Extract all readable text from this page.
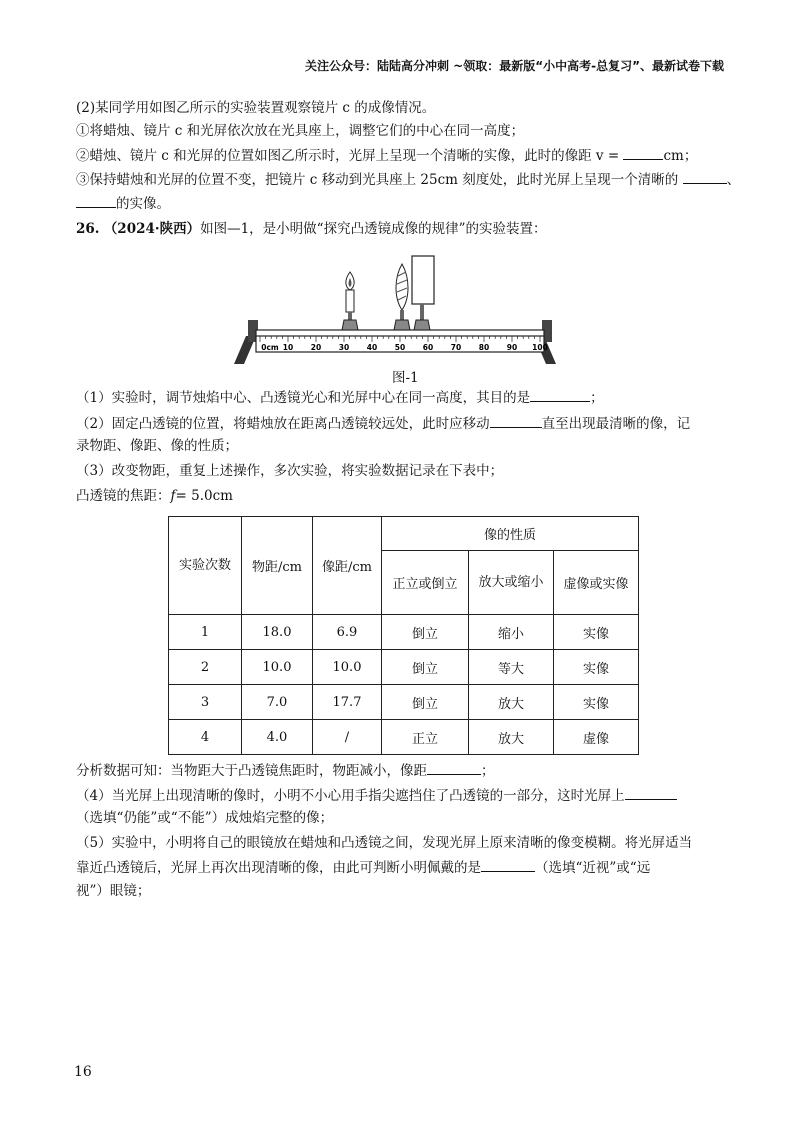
关注公众号：陆陆高分冲刺 ~领取：最新版“小中高考-总复习”、最新试卷下载
(2)某同学用如图乙所示的实验装置观察镜片 c 的成像情况。
①将蜡烛、镜片 c 和光屏依次放在光具座上，调整它们的中心在同一高度；
②蜡烛、镜片 c 和光屏的位置如图乙所示时，光屏上呈现一个清晰的实像，此时的像距 v =	cm；
③保持蜡烛和光屏的位置不变，把镜片 c 移动到光具座上 25cm 刻度处，此时光屏上呈现一个清晰的	、
的实像。
26. （2024·陕西）如图—1，是小明做“探究凸透镜成像的规律”的实验装置：
0cm 10 20 30 40 50 60 70 80 90 100
图-1
（1）实验时，调节烛焰中心、凸透镜光心和光屏中心在同一高度，其目的是	；
（2）固定凸透镜的位置，将蜡烛放在距离凸透镜较远处，此时应移动	直至出现最清晰的像，记
录物距、像距、像的性质；
（3）改变物距，重复上述操作，多次实验，将实验数据记录在下表中；
凸透镜的焦距：f= 5.0cm
实验次数	物距/cm	像距/cm	像的性质		
			正立或倒立	放大或缩小	虚像或实像
1	18.0	6.9	倒立	缩小	实像
2	10.0	10.0	倒立	等大	实像
3	7.0	17.7	倒立	放大	实像
4	4.0	/	正立	放大	虚像
分析数据可知：当物距大于凸透镜焦距时，物距减小，像距	；
（4）当光屏上出现清晰的像时，小明不小心用手指尖遮挡住了凸透镜的一部分，这时光屏上
（选填“仍能”或“不能”）成烛焰完整的像；
（5）实验中，小明将自己的眼镜放在蜡烛和凸透镜之间，发现光屏上原来清晰的像变模糊。将光屏适当
靠近凸透镜后，光屏上再次出现清晰的像，由此可判断小明佩戴的是	（选填“近视”或“远
视”）眼镜；
16
